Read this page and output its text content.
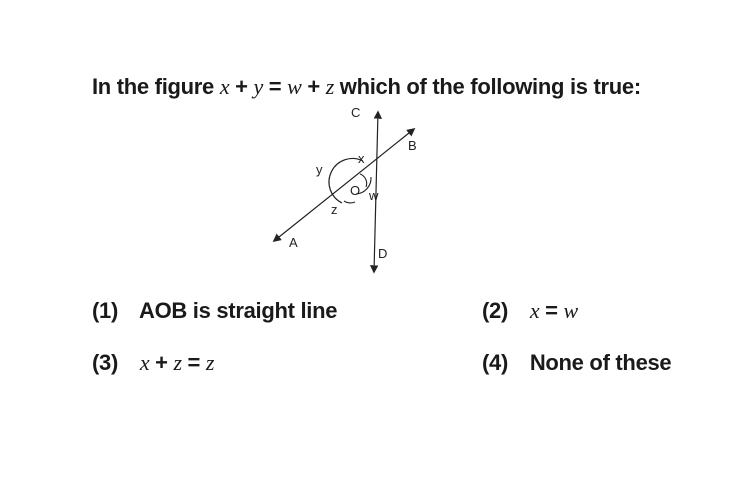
In the figure x + y = w + z which of the following is true:
C
B
A
D
O
x
y
z
w
(1) AOB is straight line	(2) x = w
(3) x + z = z	(4) None of these
